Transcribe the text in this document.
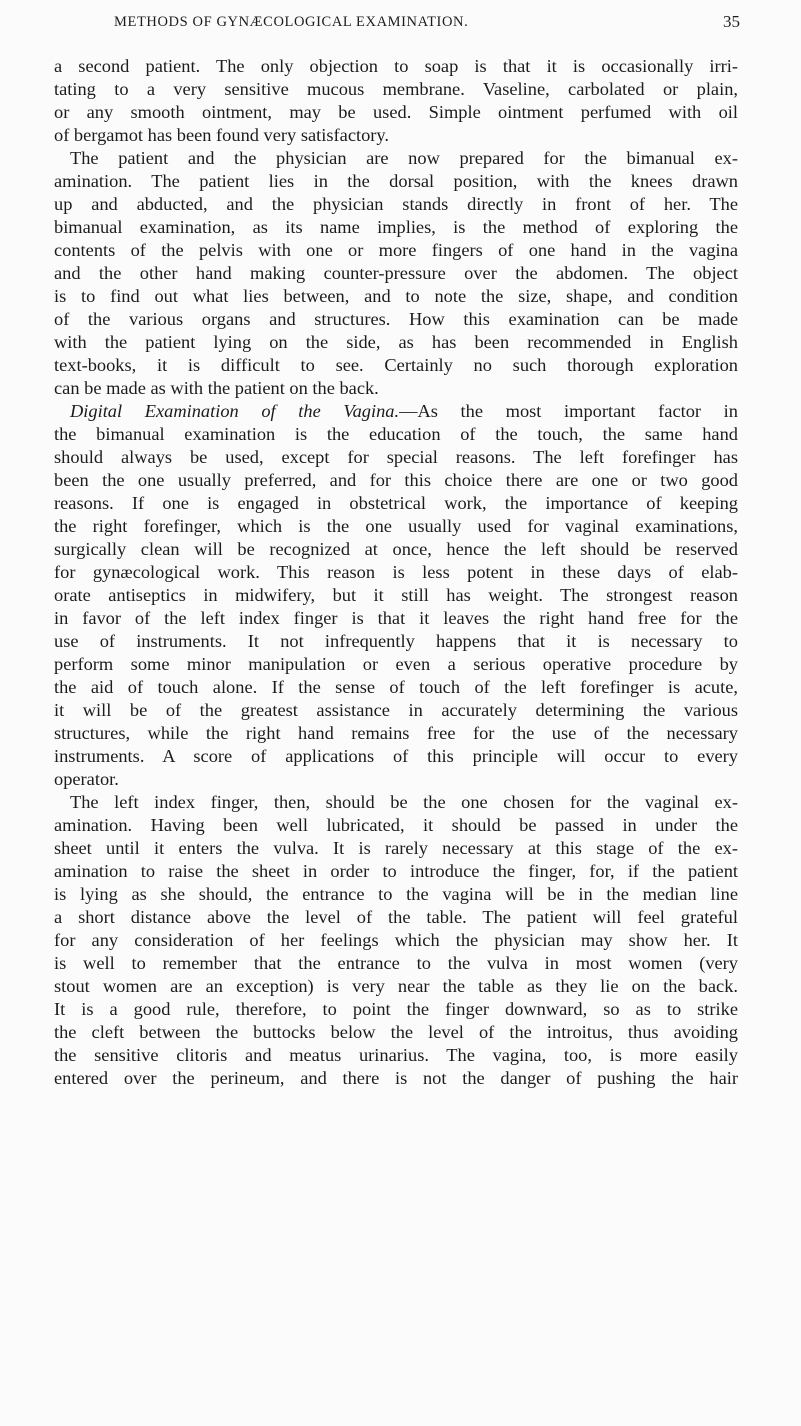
METHODS OF GYNÆCOLOGICAL EXAMINATION.	35
a second patient. The only objection to soap is that it is occasionally irri-
tating to a very sensitive mucous membrane. Vaseline, carbolated or plain,
or any smooth ointment, may be used. Simple ointment perfumed with oil
of bergamot has been found very satisfactory.
The patient and the physician are now prepared for the bimanual ex-
amination. The patient lies in the dorsal position, with the knees drawn
up and abducted, and the physician stands directly in front of her. The
bimanual examination, as its name implies, is the method of exploring the
contents of the pelvis with one or more fingers of one hand in the vagina
and the other hand making counter-pressure over the abdomen. The object
is to find out what lies between, and to note the size, shape, and condition
of the various organs and structures. How this examination can be made
with the patient lying on the side, as has been recommended in English
text-books, it is difficult to see. Certainly no such thorough exploration
can be made as with the patient on the back.
Digital Examination of the Vagina.—As the most important factor in
the bimanual examination is the education of the touch, the same hand
should always be used, except for special reasons. The left forefinger has
been the one usually preferred, and for this choice there are one or two good
reasons. If one is engaged in obstetrical work, the importance of keeping
the right forefinger, which is the one usually used for vaginal examinations,
surgically clean will be recognized at once, hence the left should be reserved
for gynæcological work. This reason is less potent in these days of elab-
orate antiseptics in midwifery, but it still has weight. The strongest reason
in favor of the left index finger is that it leaves the right hand free for the
use of instruments. It not infrequently happens that it is necessary to
perform some minor manipulation or even a serious operative procedure by
the aid of touch alone. If the sense of touch of the left forefinger is acute,
it will be of the greatest assistance in accurately determining the various
structures, while the right hand remains free for the use of the necessary
instruments. A score of applications of this principle will occur to every
operator.
The left index finger, then, should be the one chosen for the vaginal ex-
amination. Having been well lubricated, it should be passed in under the
sheet until it enters the vulva. It is rarely necessary at this stage of the ex-
amination to raise the sheet in order to introduce the finger, for, if the patient
is lying as she should, the entrance to the vagina will be in the median line
a short distance above the level of the table. The patient will feel grateful
for any consideration of her feelings which the physician may show her. It
is well to remember that the entrance to the vulva in most women (very
stout women are an exception) is very near the table as they lie on the back.
It is a good rule, therefore, to point the finger downward, so as to strike
the cleft between the buttocks below the level of the introitus, thus avoiding
the sensitive clitoris and meatus urinarius. The vagina, too, is more easily
entered over the perineum, and there is not the danger of pushing the hair
